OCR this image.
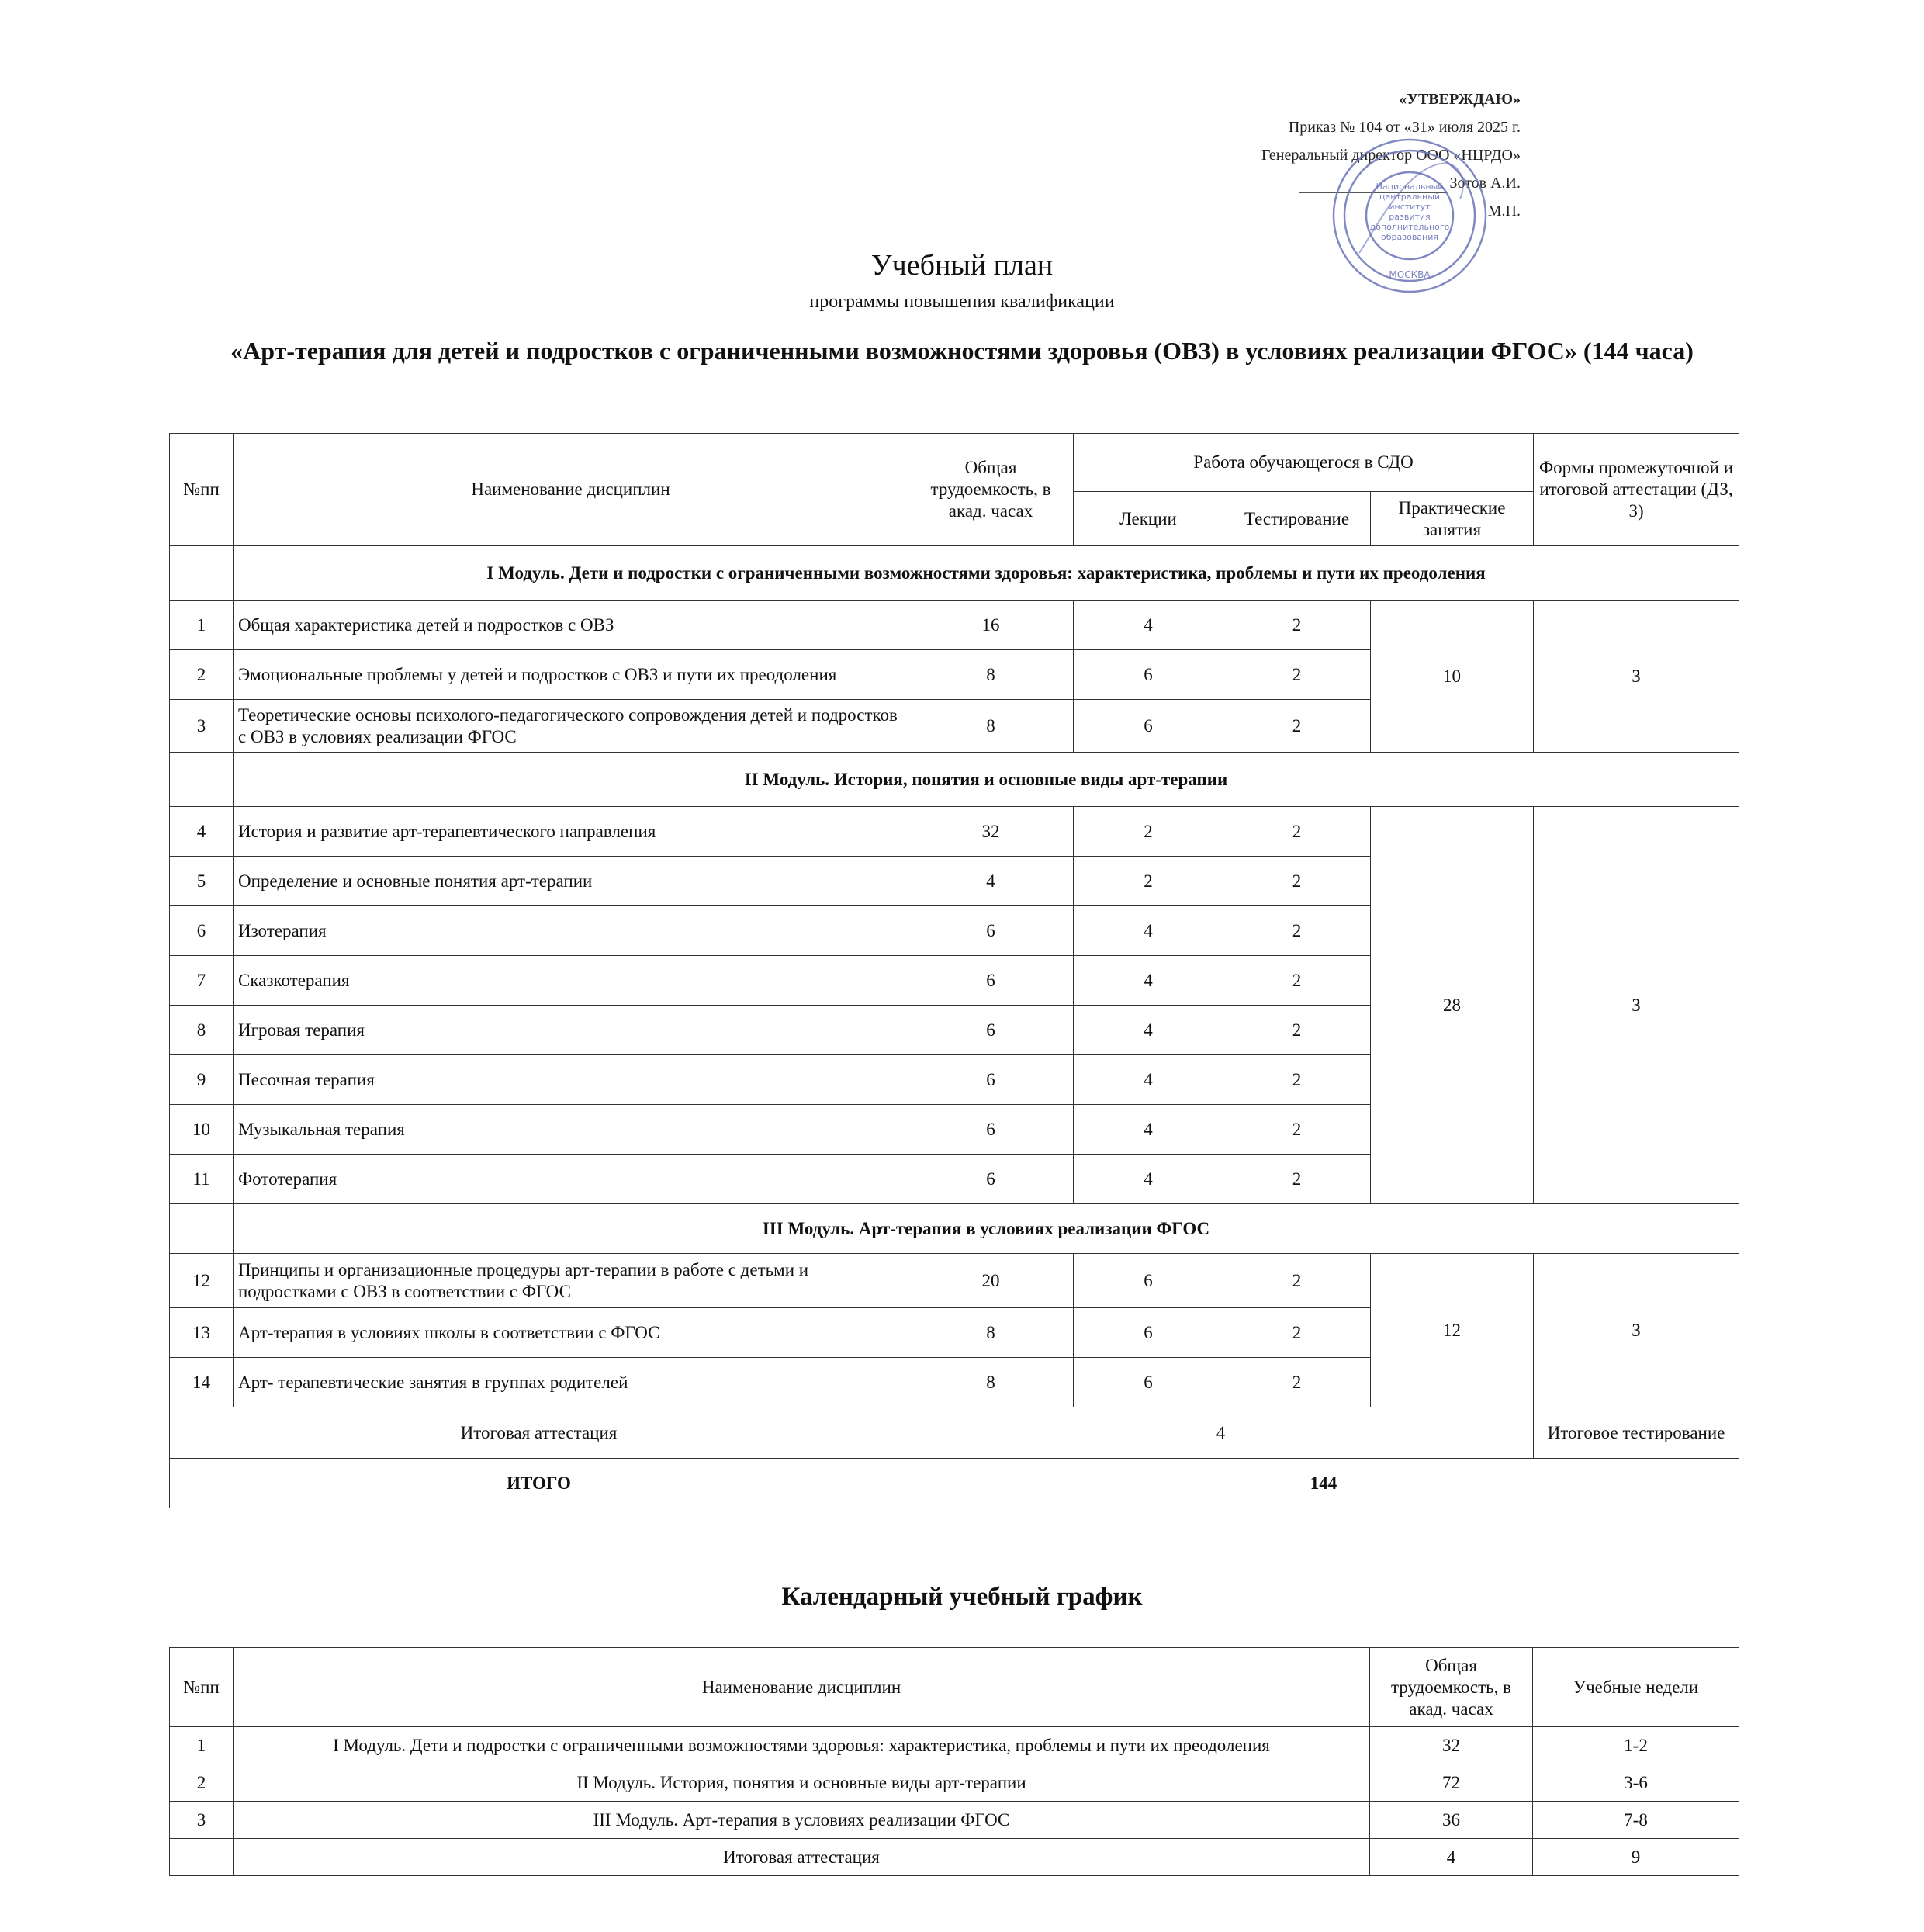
«УТВЕРЖДАЮ»
Приказ № 104 от «31» июля 2025 г.
Генеральный директор ООО «НЦРДО»
Зотов А.И.
М.П.
Национальный
центральный
институт
развития
дополнительного
образования
МОСКВА
Учебный план
программы повышения квалификации
«Арт-терапия для детей и подростков с ограниченными возможностями здоровья (ОВЗ) в условиях реализации ФГОС» (144 часа)
№пп	Наименование дисциплин	Общая трудоемкость, в акад. часах	Работа обучающегося в СДО			Формы промежуточной и итоговой аттестации (ДЗ, З)
			Лекции	Тестирование	Практические занятия	
	I Модуль. Дети и подростки с ограниченными возможностями здоровья: характеристика, проблемы и пути их преодоления					
1	Общая характеристика детей и подростков с ОВЗ	16	4	2	10	З
2	Эмоциональные проблемы у детей и подростков с ОВЗ и пути их преодоления	8	6	2		
3	Теоретические основы психолого-педагогического сопровождения детей и подростков с ОВЗ в условиях реализации ФГОС	8	6	2		
	II Модуль. История, понятия и основные виды арт-терапии					
4	История и развитие арт-терапевтического направления	32	2	2	28	З
5	Определение и основные понятия арт-терапии	4	2	2		
6	Изотерапия	6	4	2		
7	Сказкотерапия	6	4	2		
8	Игровая терапия	6	4	2		
9	Песочная терапия	6	4	2		
10	Музыкальная терапия	6	4	2		
11	Фототерапия	6	4	2		
	III Модуль. Арт-терапия в условиях реализации ФГОС					
12	Принципы и организационные процедуры арт-терапии в работе с детьми и подростками с ОВЗ в соответствии с ФГОС	20	6	2	12	З
13	Арт-терапия в условиях школы в соответствии с ФГОС	8	6	2		
14	Арт- терапевтические занятия в группах родителей	8	6	2		
Итоговая аттестация		4				Итоговое тестирование
ИТОГО		144				
Календарный учебный график
№пп	Наименование дисциплин	Общая трудоемкость, в акад. часах	Учебные недели
1	I Модуль. Дети и подростки с ограниченными возможностями здоровья: характеристика, проблемы и пути их преодоления	32	1-2
2	II Модуль. История, понятия и основные виды арт-терапии	72	3-6
3	III Модуль. Арт-терапия в условиях реализации ФГОС	36	7-8
	Итоговая аттестация	4	9
